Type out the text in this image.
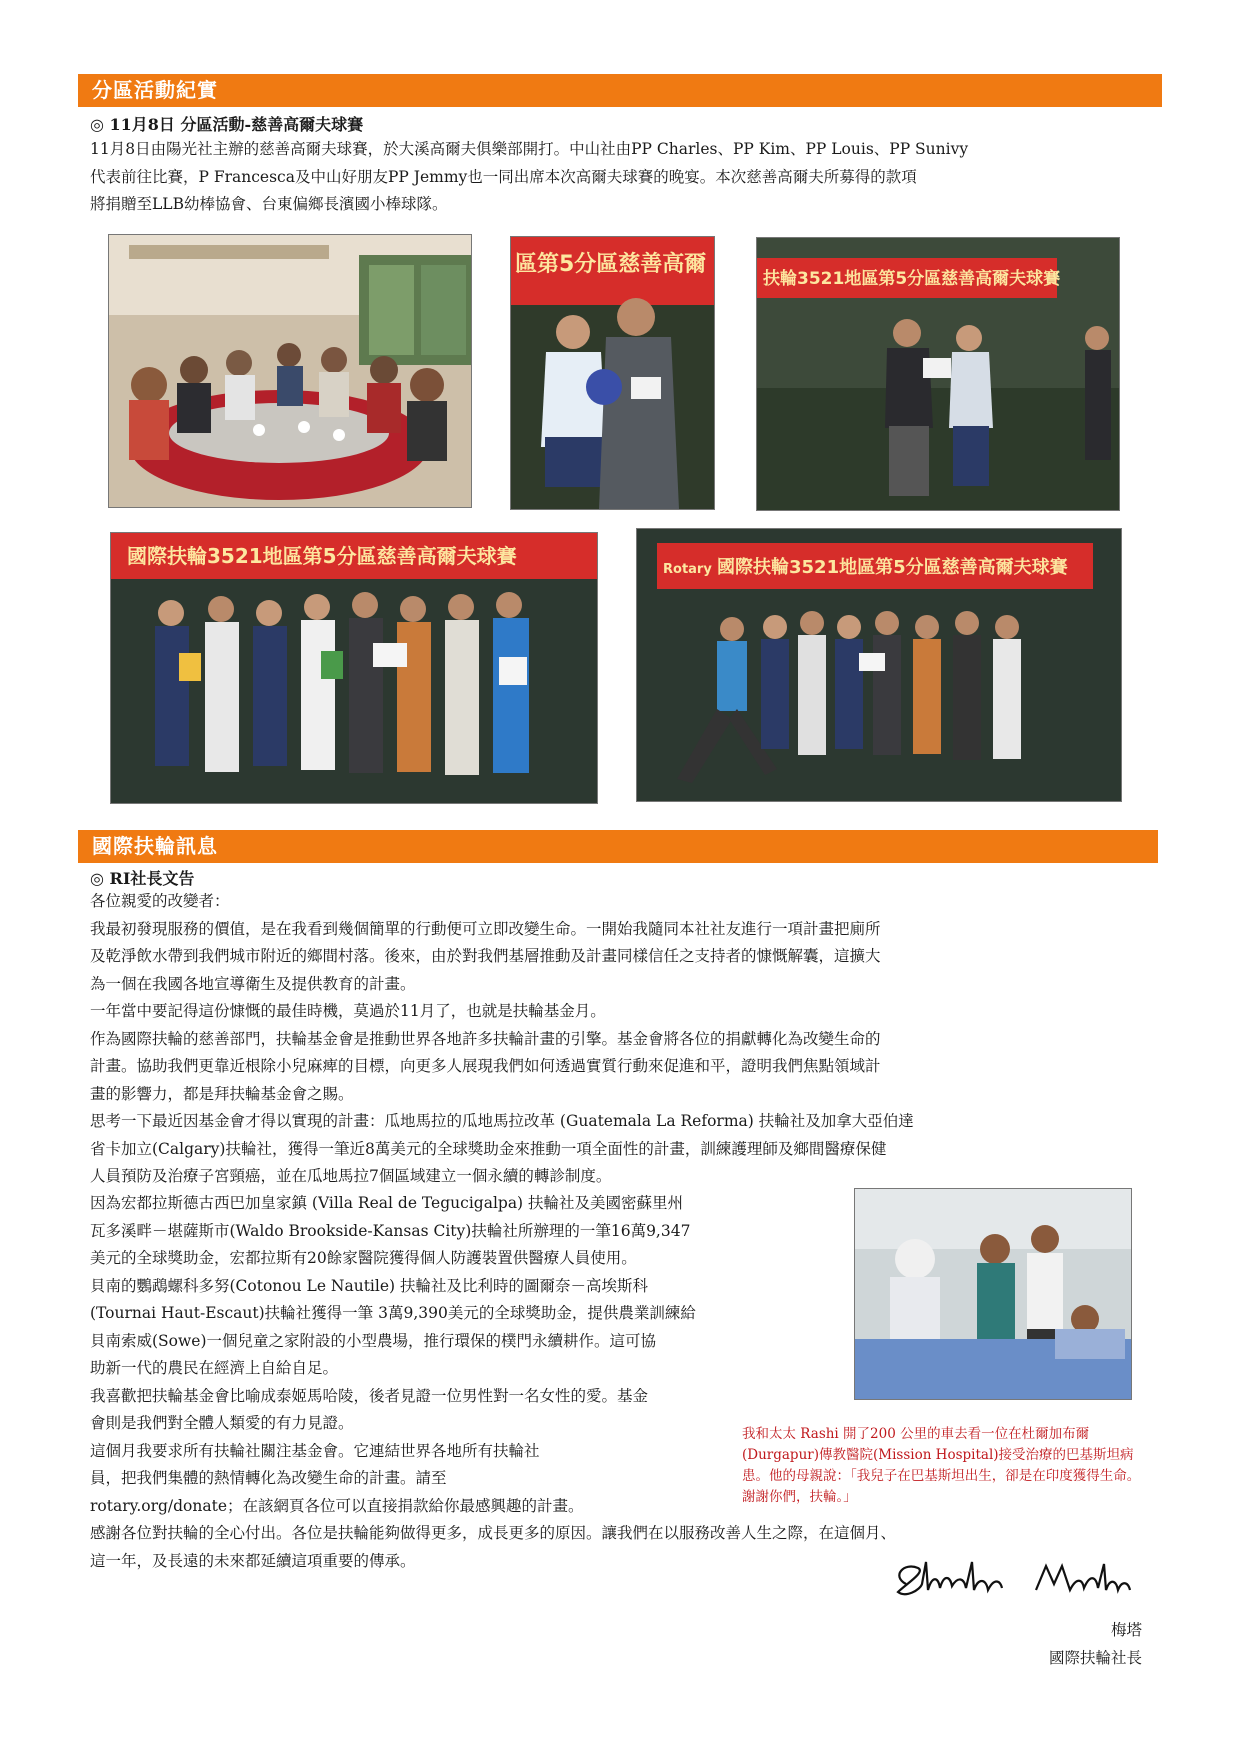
分區活動紀實
◎ 11月8日 分區活動-慈善高爾夫球賽

11月8日由陽光社主辦的慈善高爾夫球賽，於大溪高爾夫俱樂部開打。中山社由PP Charles、PP Kim、PP Louis、PP Sunivy

代表前往比賽，P Francesca及中山好朋友PP Jemmy也一同出席本次高爾夫球賽的晚宴。本次慈善高爾夫所募得的款項

將捐贈至LLB幼棒協會、台東偏鄉長濱國小棒球隊。

區第5分區慈善高爾
扶輪3521地區第5分區慈善高爾夫球賽
國際扶輪3521地區第5分區慈善高爾夫球賽
Rotary 國際扶輪3521地區第5分區慈善高爾夫球賽
國際扶輪訊息
◎ RI社長文告

各位親愛的改變者：

我最初發現服務的價值，是在我看到幾個簡單的行動便可立即改變生命。一開始我隨同本社社友進行一項計畫把廁所

及乾淨飲水帶到我們城市附近的鄉間村落。後來，由於對我們基層推動及計畫同樣信任之支持者的慷慨解囊，這擴大

為一個在我國各地宣導衛生及提供教育的計畫。

一年當中要記得這份慷慨的最佳時機，莫過於11月了，也就是扶輪基金月。

作為國際扶輪的慈善部門，扶輪基金會是推動世界各地許多扶輪計畫的引擎。基金會將各位的捐獻轉化為改變生命的

計畫。協助我們更靠近根除小兒麻痺的目標，向更多人展現我們如何透過實質行動來促進和平，證明我們焦點領域計

畫的影響力，都是拜扶輪基金會之賜。

思考一下最近因基金會才得以實現的計畫：瓜地馬拉的瓜地馬拉改革 (Guatemala La Reforma) 扶輪社及加拿大亞伯達

省卡加立(Calgary)扶輪社，獲得一筆近8萬美元的全球獎助金來推動一項全面性的計畫，訓練護理師及鄉間醫療保健

人員預防及治療子宮頸癌，並在瓜地馬拉7個區域建立一個永續的轉診制度。

因為宏都拉斯德古西巴加皇家鎮 (Villa Real de Tegucigalpa) 扶輪社及美國密蘇里州

瓦多溪畔－堪薩斯市(Waldo Brookside-Kansas City)扶輪社所辦理的一筆16萬9,347

美元的全球獎助金，宏都拉斯有20餘家醫院獲得個人防護裝置供醫療人員使用。

貝南的鸚鵡螺科多努(Cotonou Le Nautile) 扶輪社及比利時的圖爾奈－高埃斯科

(Tournai Haut-Escaut)扶輪社獲得一筆 3萬9,390美元的全球獎助金，提供農業訓練給

貝南索威(Sowe)一個兒童之家附設的小型農場，推行環保的樸門永續耕作。這可協

助新一代的農民在經濟上自給自足。

我喜歡把扶輪基金會比喻成泰姬馬哈陵，後者見證一位男性對一名女性的愛。基金

會則是我們對全體人類愛的有力見證。

這個月我要求所有扶輪社關注基金會。它連結世界各地所有扶輪社

員，把我們集體的熱情轉化為改變生命的計畫。請至

rotary.org/donate；在該網頁各位可以直接捐款給你最感興趣的計畫。

感謝各位對扶輪的全心付出。各位是扶輪能夠做得更多，成長更多的原因。讓我們在以服務改善人生之際，在這個月、

這一年，及長遠的未來都延續這項重要的傳承。

我和太太 Rashi 開了200 公里的車去看一位在杜爾加布爾(Durgapur)傳教醫院(Mission Hospital)接受治療的巴基斯坦病患。他的母親說：「我兒子在巴基斯坦出生，卻是在印度獲得生命。謝謝你們，扶輪。」
梅塔
國際扶輪社長
